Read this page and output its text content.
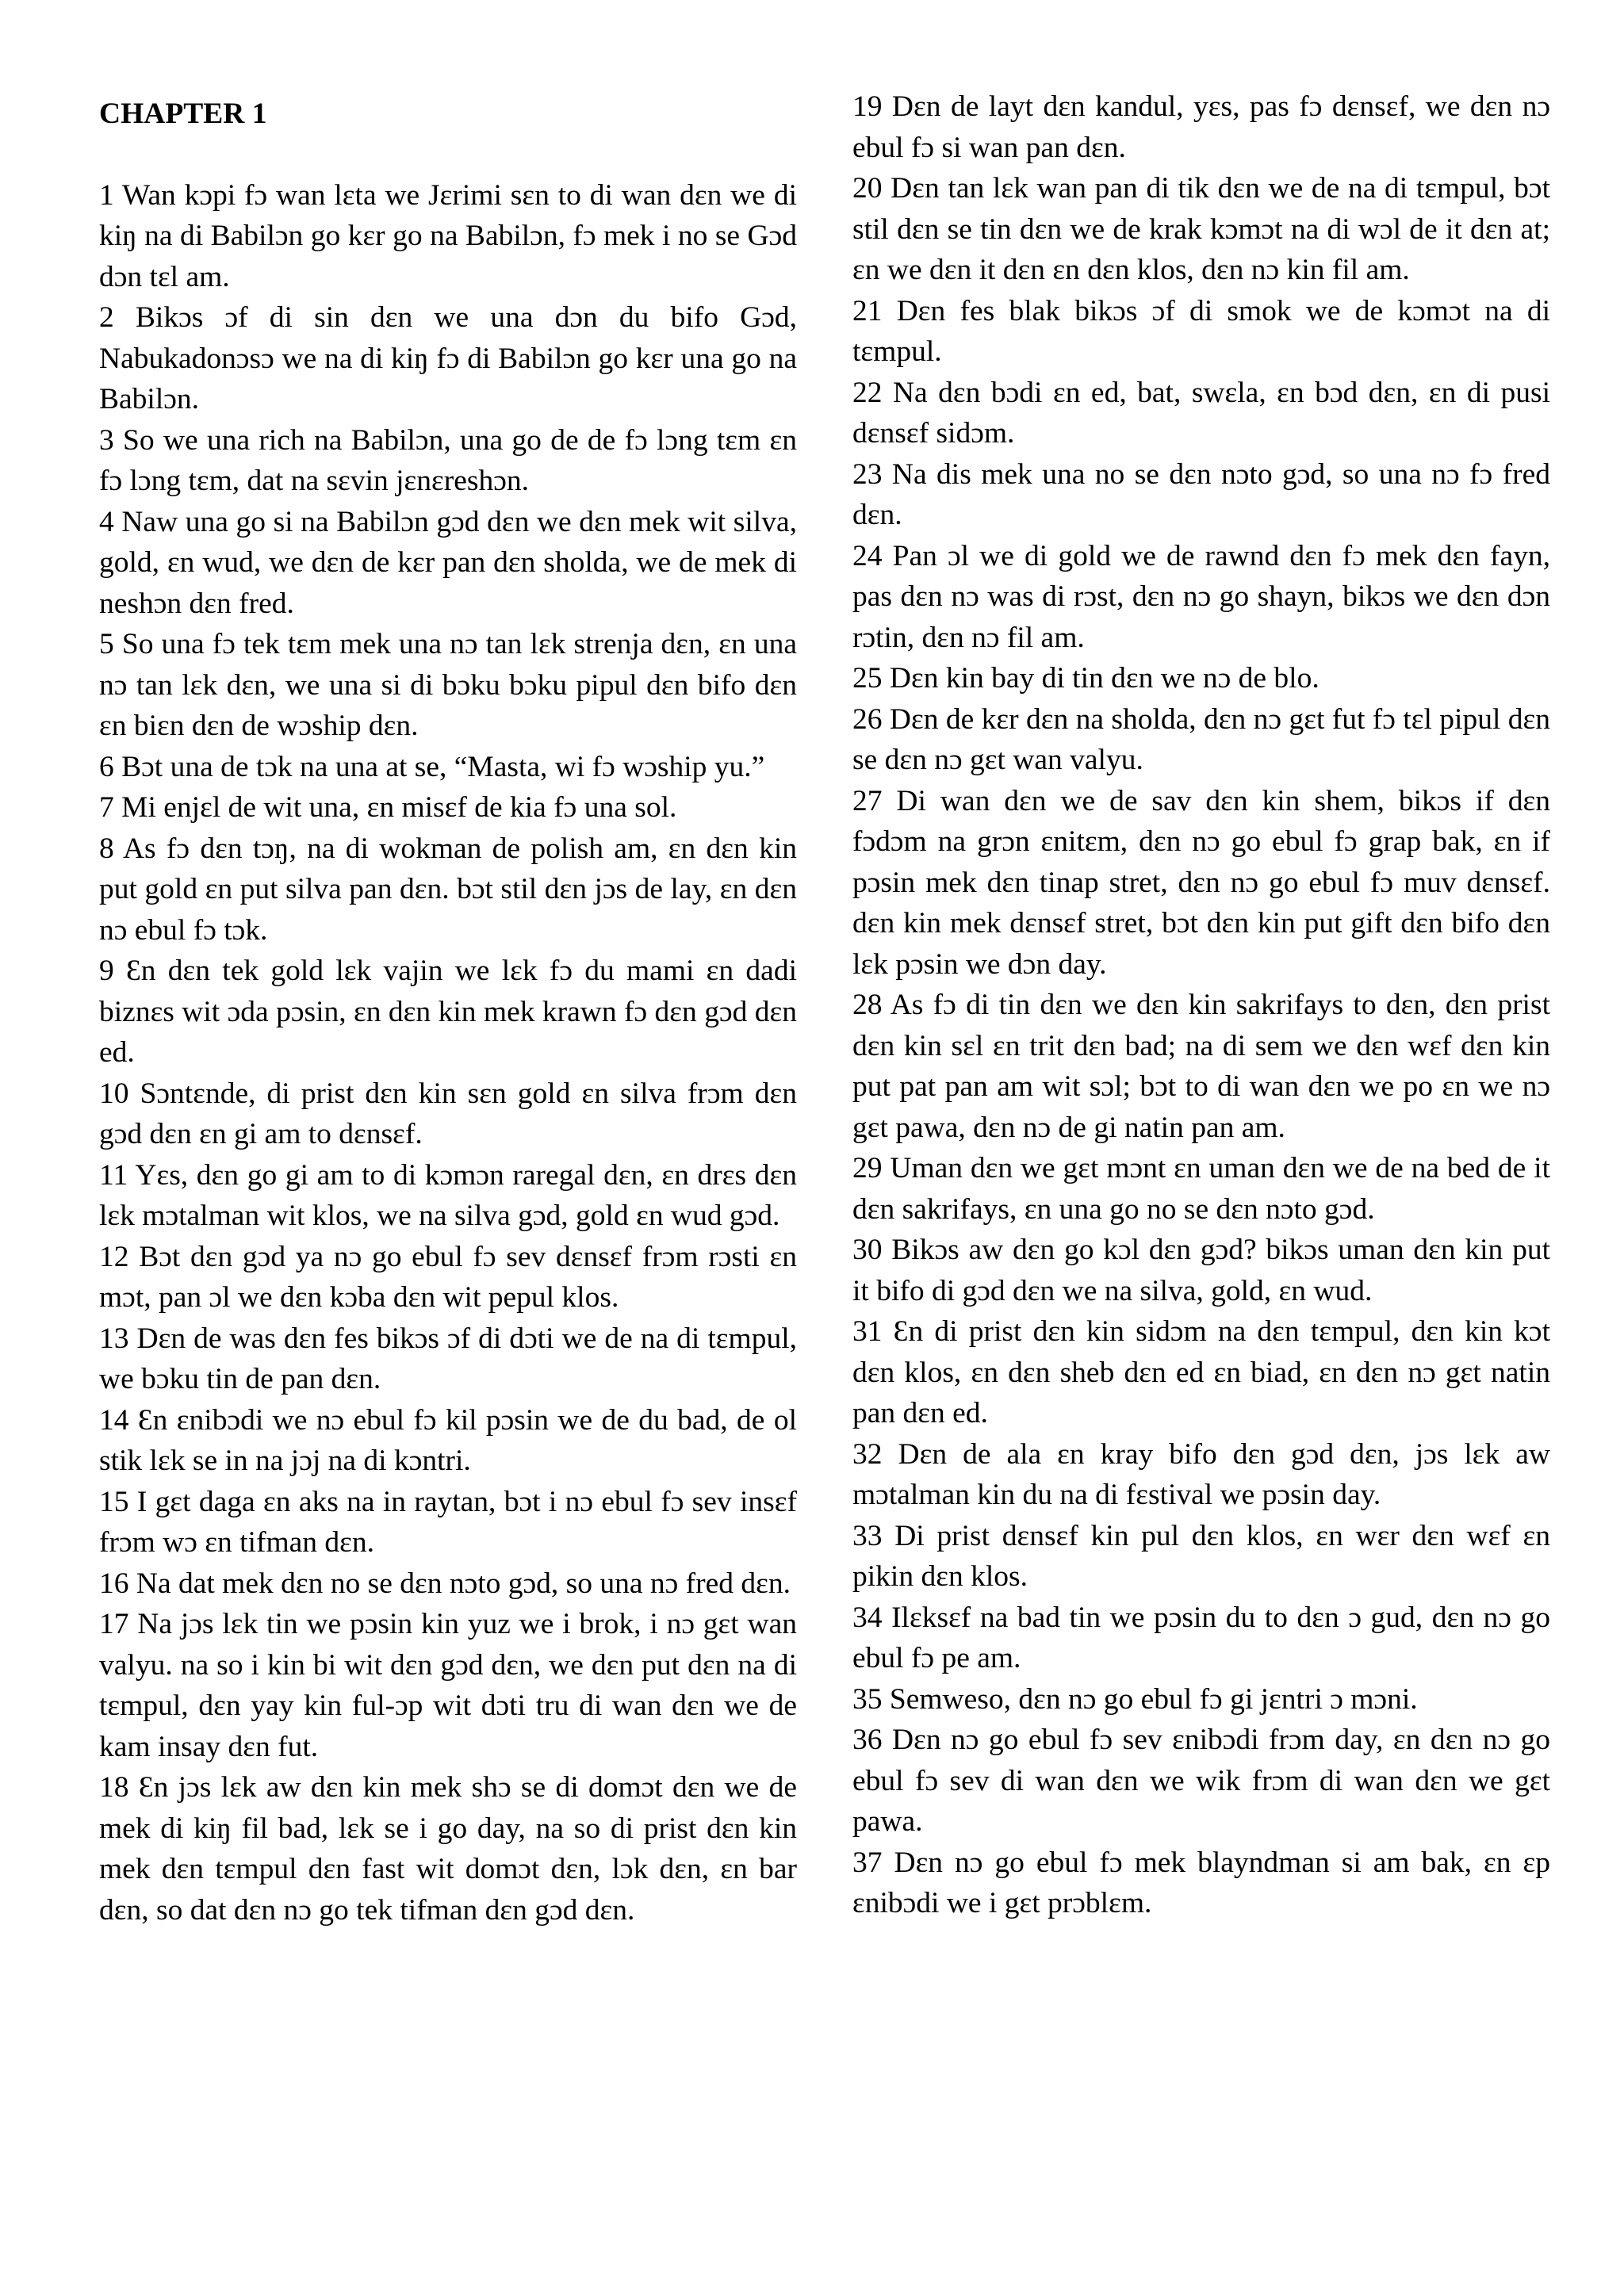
CHAPTER 1

1 Wan kɔpi fɔ wan lɛta we Jɛrimi sɛn to di wan dɛn we di kiŋ na di Babilɔn go kɛr go na Babilɔn, fɔ mek i no se Gɔd dɔn tɛl am.

2 Bikɔs ɔf di sin dɛn we una dɔn du bifo Gɔd, Nabukadonɔsɔ we na di kiŋ fɔ di Babilɔn go kɛr una go na Babilɔn.

3 So we una rich na Babilɔn, una go de de fɔ lɔng tɛm ɛn fɔ lɔng tɛm, dat na sɛvin jɛnɛreshɔn.

4 Naw una go si na Babilɔn gɔd dɛn we dɛn mek wit silva, gold, ɛn wud, we dɛn de kɛr pan dɛn sholda, we de mek di neshɔn dɛn fred.

5 So una fɔ tek tɛm mek una nɔ tan lɛk strenja dɛn, ɛn una nɔ tan lɛk dɛn, we una si di bɔku bɔku pipul dɛn bifo dɛn ɛn biɛn dɛn de wɔship dɛn.

6 Bɔt una de tɔk na una at se, “Masta, wi fɔ wɔship yu.”

7 Mi enjɛl de wit una, ɛn misɛf de kia fɔ una sol.

8 As fɔ dɛn tɔŋ, na di wokman de polish am, ɛn dɛn kin put gold ɛn put silva pan dɛn. bɔt stil dɛn jɔs de lay, ɛn dɛn nɔ ebul fɔ tɔk.

9 Ɛn dɛn tek gold lɛk vajin we lɛk fɔ du mami ɛn dadi biznɛs wit ɔda pɔsin, ɛn dɛn kin mek krawn fɔ dɛn gɔd dɛn ed.

10 Sɔntɛnde, di prist dɛn kin sɛn gold ɛn silva frɔm dɛn gɔd dɛn ɛn gi am to dɛnsɛf.

11 Yɛs, dɛn go gi am to di kɔmɔn raregal dɛn, ɛn drɛs dɛn lɛk mɔtalman wit klos, we na silva gɔd, gold ɛn wud gɔd.

12 Bɔt dɛn gɔd ya nɔ go ebul fɔ sev dɛnsɛf frɔm rɔsti ɛn mɔt, pan ɔl we dɛn kɔba dɛn wit pepul klos.

13 Dɛn de was dɛn fes bikɔs ɔf di dɔti we de na di tɛmpul, we bɔku tin de pan dɛn.

14 Ɛn ɛnibɔdi we nɔ ebul fɔ kil pɔsin we de du bad, de ol stik lɛk se in na jɔj na di kɔntri.

15 I gɛt daga ɛn aks na in raytan, bɔt i nɔ ebul fɔ sev insɛf frɔm wɔ ɛn tifman dɛn.

16 Na dat mek dɛn no se dɛn nɔto gɔd, so una nɔ fred dɛn.

17 Na jɔs lɛk tin we pɔsin kin yuz we i brok, i nɔ gɛt wan valyu. na so i kin bi wit dɛn gɔd dɛn, we dɛn put dɛn na di tɛmpul, dɛn yay kin ful-ɔp wit dɔti tru di wan dɛn we de kam insay dɛn fut.

18 Ɛn jɔs lɛk aw dɛn kin mek shɔ se di domɔt dɛn we de mek di kiŋ fil bad, lɛk se i go day, na so di prist dɛn kin mek dɛn tɛmpul dɛn fast wit domɔt dɛn, lɔk dɛn, ɛn bar dɛn, so dat dɛn nɔ go tek tifman dɛn gɔd dɛn.

19 Dɛn de layt dɛn kandul, yɛs, pas fɔ dɛnsɛf, we dɛn nɔ ebul fɔ si wan pan dɛn.

20 Dɛn tan lɛk wan pan di tik dɛn we de na di tɛmpul, bɔt stil dɛn se tin dɛn we de krak kɔmɔt na di wɔl de it dɛn at; ɛn we dɛn it dɛn ɛn dɛn klos, dɛn nɔ kin fil am.

21 Dɛn fes blak bikɔs ɔf di smok we de kɔmɔt na di tɛmpul.

22 Na dɛn bɔdi ɛn ed, bat, swɛla, ɛn bɔd dɛn, ɛn di pusi dɛnsɛf sidɔm.

23 Na dis mek una no se dɛn nɔto gɔd, so una nɔ fɔ fred dɛn.

24 Pan ɔl we di gold we de rawnd dɛn fɔ mek dɛn fayn, pas dɛn nɔ was di rɔst, dɛn nɔ go shayn, bikɔs we dɛn dɔn rɔtin, dɛn nɔ fil am.

25 Dɛn kin bay di tin dɛn we nɔ de blo.

26 Dɛn de kɛr dɛn na sholda, dɛn nɔ gɛt fut fɔ tɛl pipul dɛn se dɛn nɔ gɛt wan valyu.

27 Di wan dɛn we de sav dɛn kin shem, bikɔs if dɛn fɔdɔm na grɔn ɛnitɛm, dɛn nɔ go ebul fɔ grap bak, ɛn if pɔsin mek dɛn tinap stret, dɛn nɔ go ebul fɔ muv dɛnsɛf. dɛn kin mek dɛnsɛf stret, bɔt dɛn kin put gift dɛn bifo dɛn lɛk pɔsin we dɔn day.

28 As fɔ di tin dɛn we dɛn kin sakrifays to dɛn, dɛn prist dɛn kin sɛl ɛn trit dɛn bad; na di sem we dɛn wɛf dɛn kin put pat pan am wit sɔl; bɔt to di wan dɛn we po ɛn we nɔ gɛt pawa, dɛn nɔ de gi natin pan am.

29 Uman dɛn we gɛt mɔnt ɛn uman dɛn we de na bed de it dɛn sakrifays, ɛn una go no se dɛn nɔto gɔd.

30 Bikɔs aw dɛn go kɔl dɛn gɔd? bikɔs uman dɛn kin put it bifo di gɔd dɛn we na silva, gold, ɛn wud.

31 Ɛn di prist dɛn kin sidɔm na dɛn tɛmpul, dɛn kin kɔt dɛn klos, ɛn dɛn sheb dɛn ed ɛn biad, ɛn dɛn nɔ gɛt natin pan dɛn ed.

32 Dɛn de ala ɛn kray bifo dɛn gɔd dɛn, jɔs lɛk aw mɔtalman kin du na di fɛstival we pɔsin day.

33 Di prist dɛnsɛf kin pul dɛn klos, ɛn wɛr dɛn wɛf ɛn pikin dɛn klos.

34 Ilɛksɛf na bad tin we pɔsin du to dɛn ɔ gud, dɛn nɔ go ebul fɔ pe am.

35 Semweso, dɛn nɔ go ebul fɔ gi jɛntri ɔ mɔni.

36 Dɛn nɔ go ebul fɔ sev ɛnibɔdi frɔm day, ɛn dɛn nɔ go ebul fɔ sev di wan dɛn we wik frɔm di wan dɛn we gɛt pawa.

37 Dɛn nɔ go ebul fɔ mek blayndman si am bak, ɛn ɛp ɛnibɔdi we i gɛt prɔblɛm.
